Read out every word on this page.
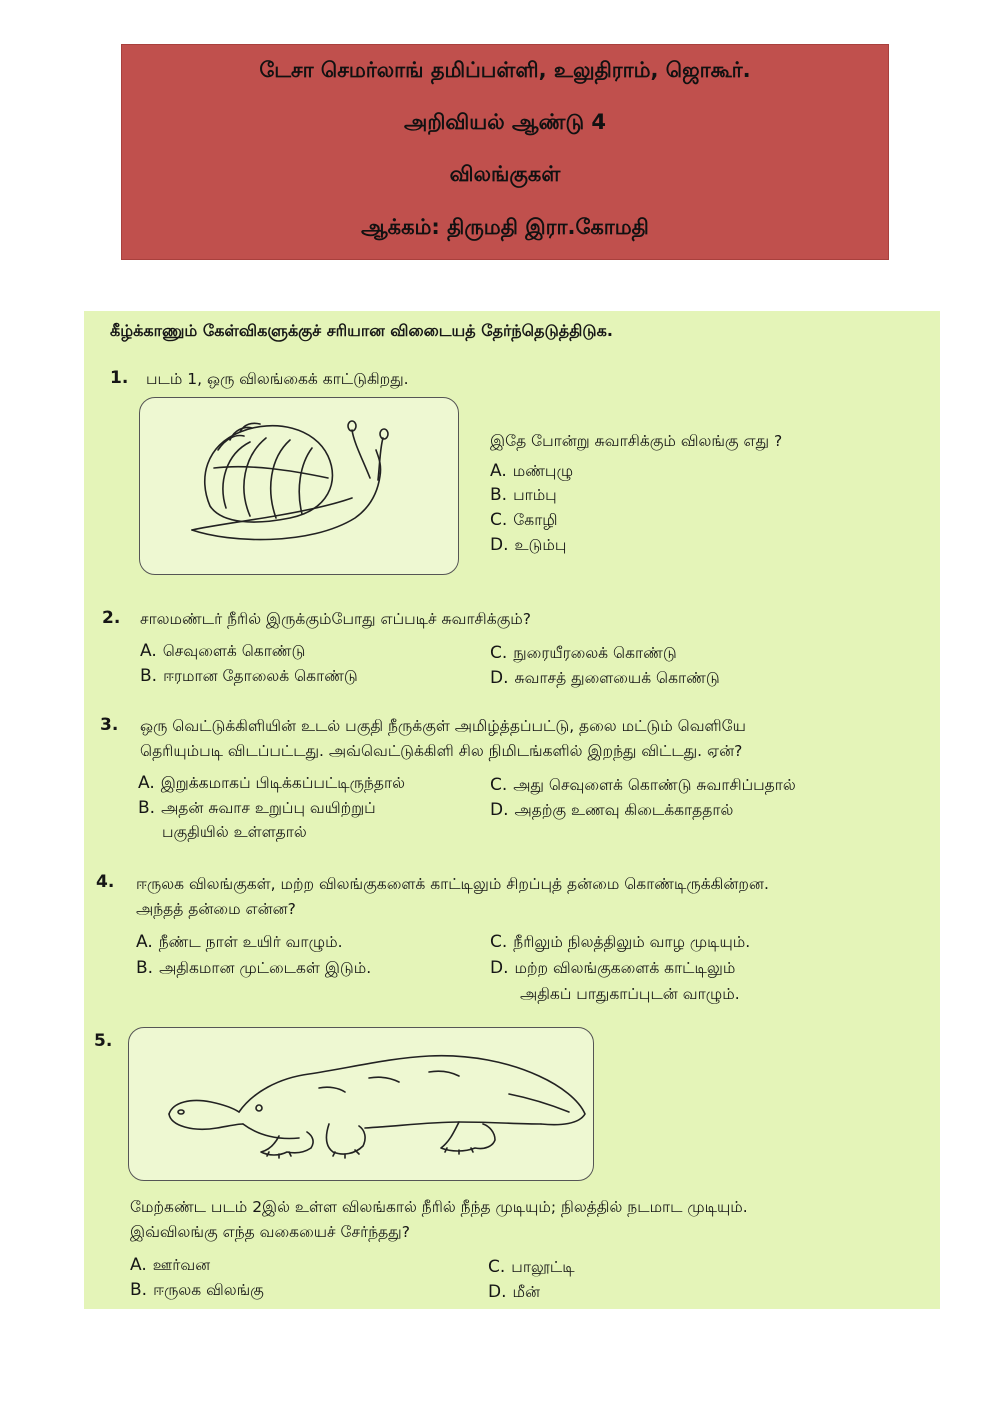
டேசா செமர்லாங் தமிப்பள்ளி, உலுதிராம், ஜொகூர்.
அறிவியல் ஆண்டு 4
விலங்குகள்
ஆக்கம்: திருமதி இரா.கோமதி
கீழ்க்காணும் கேள்விகளுக்குச் சரியான விடைையத் தேர்ந்தெடுத்திடுக.
1. படம் 1, ஒரு விலங்கைக் காட்டுகிறது.
இதே போன்று சுவாசிக்கும் விலங்கு எது ?
A. மண்புழு
B. பாம்பு
C. கோழி
D. உடும்பு
2. சாலமண்டர் நீரில் இருக்கும்போது எப்படிச் சுவாசிக்கும்?
A. செவுளைக் கொண்டு
B. ஈரமான தோலைக் கொண்டு
C. நுரையீரலைக் கொண்டு
D. சுவாசத் துளையைக் கொண்டு
3. ஒரு வெட்டுக்கிளியின் உடல் பகுதி நீருக்குள் அமிழ்த்தப்பட்டு, தலை மட்டும் வெளியே
தெரியும்படி விடப்பட்டது. அவ்வெட்டுக்கிளி சில நிமிடங்களில் இறந்து விட்டது. ஏன்?
A. இறுக்கமாகப் பிடிக்கப்பட்டிருந்தால்
B. அதன் சுவாச உறுப்பு வயிற்றுப்
பகுதியில் உள்ளதால்
C. அது செவுளைக் கொண்டு சுவாசிப்பதால்
D. அதற்கு உணவு கிடைக்காததால்
4. ஈருலக விலங்குகள், மற்ற விலங்குகளைக் காட்டிலும் சிறப்புத் தன்மை கொண்டிருக்கின்றன.
அந்தத் தன்மை என்ன?
A. நீண்ட நாள் உயிர் வாழும்.
B. அதிகமான முட்டைகள் இடும்.
C. நீரிலும் நிலத்திலும் வாழ முடியும்.
D. மற்ற விலங்குகளைக் காட்டிலும்
அதிகப் பாதுகாப்புடன் வாழும்.
5.
மேற்கண்ட படம் 2இல் உள்ள விலங்கால் நீரில் நீந்த முடியும்; நிலத்தில் நடமாட முடியும்.
இவ்விலங்கு எந்த வகையைச் சேர்ந்தது?
A. ஊர்வன
B. ஈருலக விலங்கு
C. பாலூட்டி
D. மீன்
